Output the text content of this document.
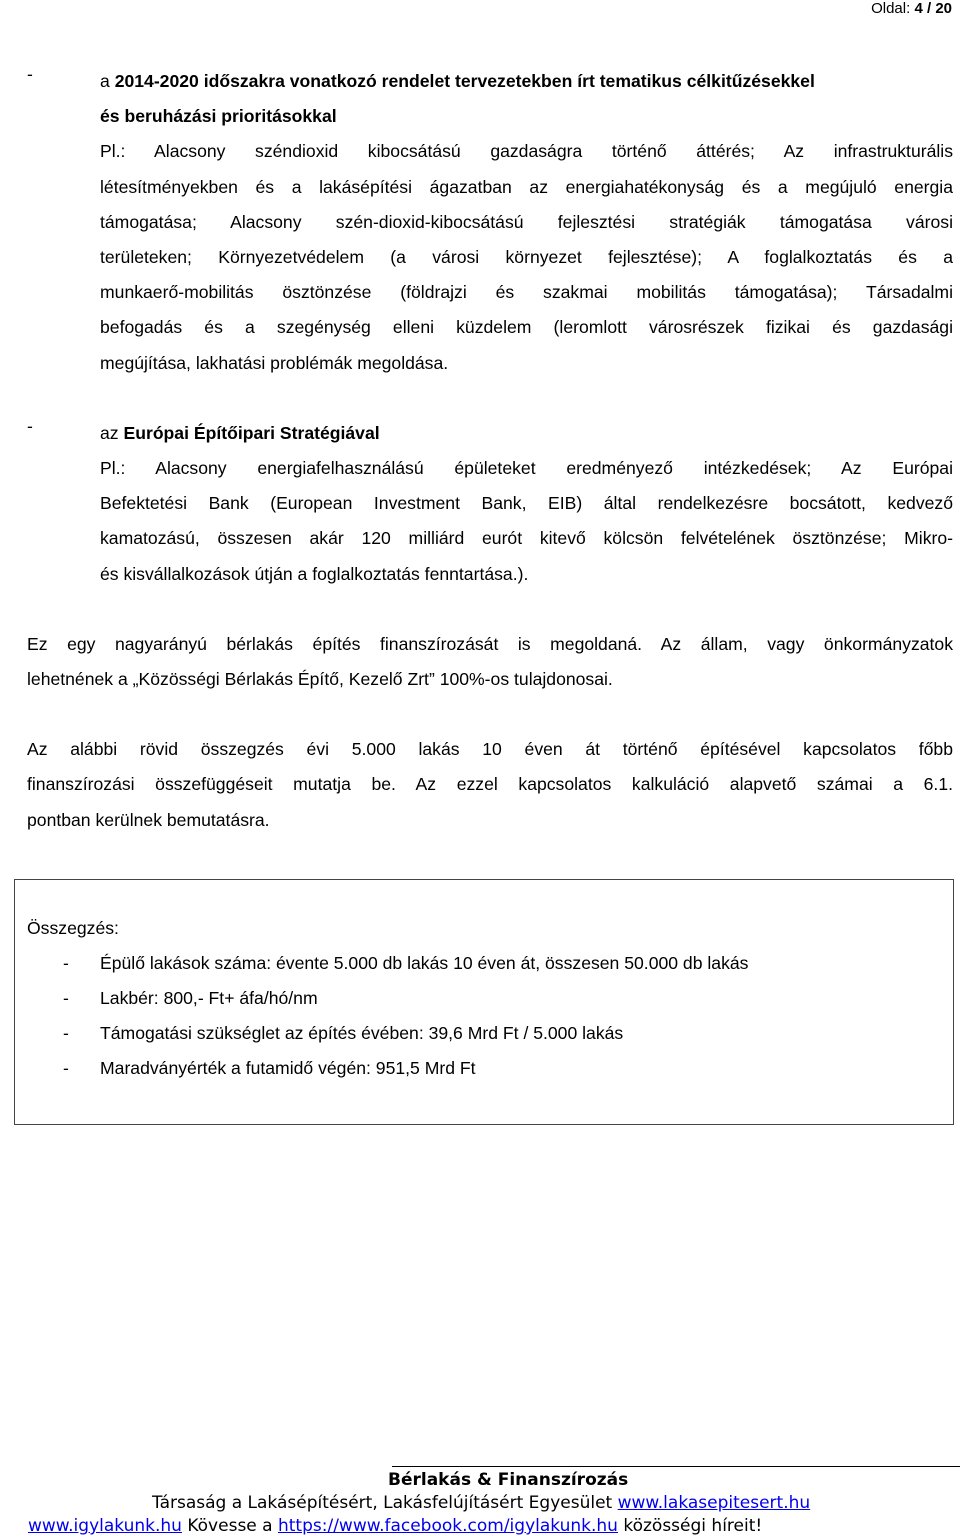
Oldal: 4 / 20
-	a 2014-2020 időszakra vonatkozó rendelet tervezetekben írt tematikus célkitűzésekkel
és beruházási prioritásokkal
Pl.: Alacsony széndioxid kibocsátású gazdaságra történő áttérés; Az infrastrukturális
létesítményekben és a lakásépítési ágazatban az energiahatékonyság és a megújuló energia
támogatása; Alacsony szén-dioxid-kibocsátású fejlesztési stratégiák támogatása városi
területeken; Környezetvédelem (a városi környezet fejlesztése); A foglalkoztatás és a
munkaerő-mobilitás ösztönzése (földrajzi és szakmai mobilitás támogatása); Társadalmi
befogadás és a szegénység elleni küzdelem (leromlott városrészek fizikai és gazdasági
megújítása, lakhatási problémák megoldása.
-	az Európai Építőipari Stratégiával
Pl.: Alacsony energiafelhasználású épületeket eredményező intézkedések; Az Európai
Befektetési Bank (European Investment Bank, EIB) által rendelkezésre bocsátott, kedvező
kamatozású, összesen akár 120 milliárd eurót kitevő kölcsön felvételének ösztönzése; Mikro-
és kisvállalkozások útján a foglalkoztatás fenntartása.).
Ez egy nagyarányú bérlakás építés finanszírozását is megoldaná. Az állam, vagy önkormányzatok
lehetnének a „Közösségi Bérlakás Építő, Kezelő Zrt” 100%-os tulajdonosai.
Az alábbi rövid összegzés évi 5.000 lakás 10 éven át történő építésével kapcsolatos főbb
finanszírozási összefüggéseit mutatja be. Az ezzel kapcsolatos kalkuláció alapvető számai a 6.1.
pontban kerülnek bemutatásra.
Összegzés:
- Épülő lakások száma: évente 5.000 db lakás 10 éven át, összesen 50.000 db lakás
- Lakbér: 800,- Ft+ áfa/hó/nm
- Támogatási szükséglet az építés évében: 39,6 Mrd Ft / 5.000 lakás
- Maradványérték a futamidő végén: 951,5 Mrd Ft
Bérlakás & Finanszírozás
Társaság a Lakásépítésért, Lakásfelújításért Egyesület www.lakasepitesert.hu
www.igylakunk.hu Kövesse a https://www.facebook.com/igylakunk.hu közösségi híreit!
